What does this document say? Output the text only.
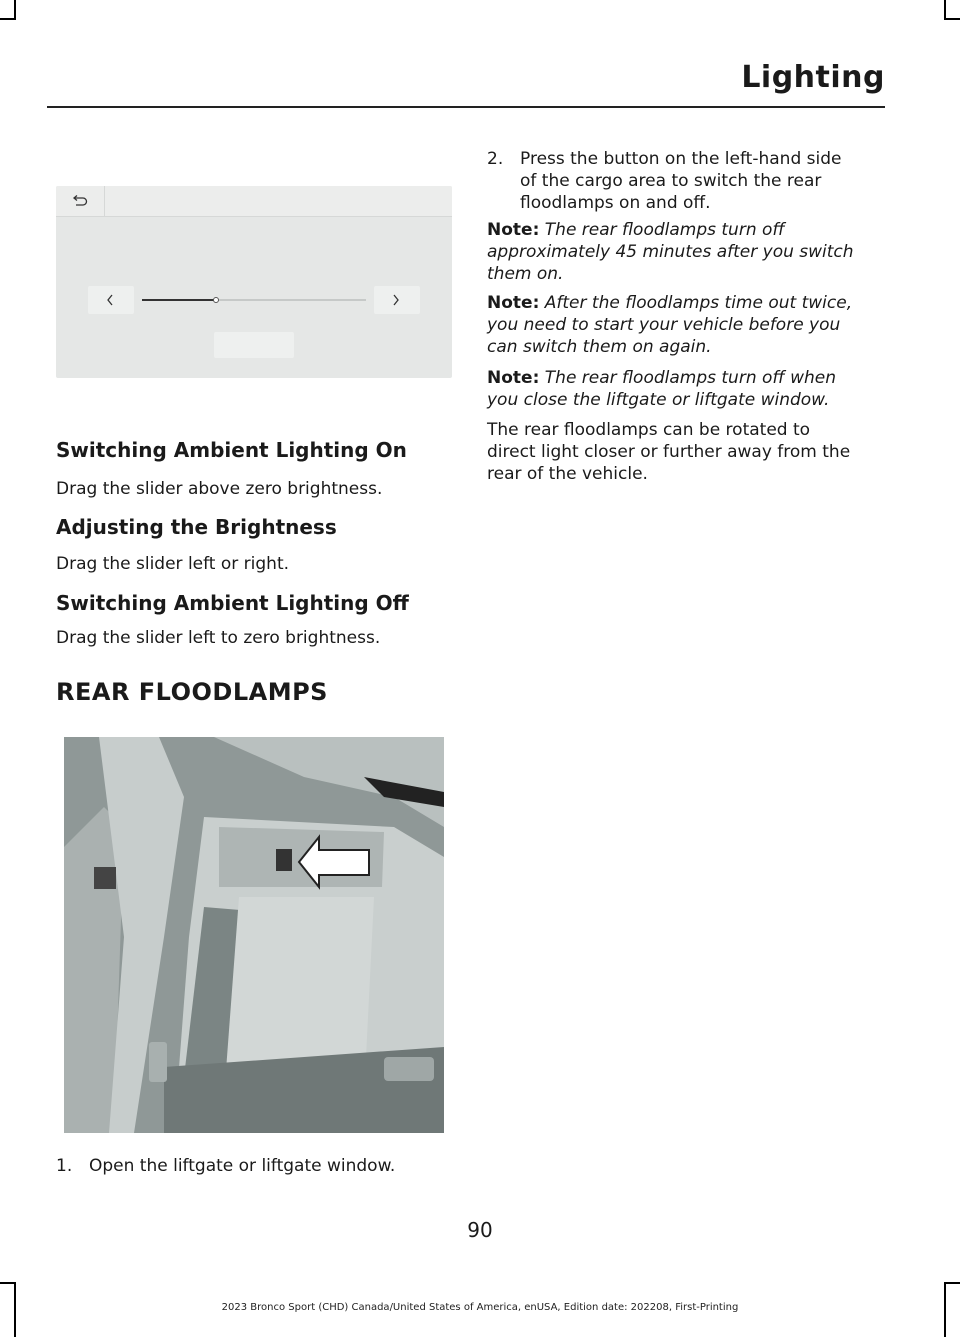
Lighting
Switching Ambient Lighting On
Drag the slider above zero brightness.
Adjusting the Brightness
Drag the slider left or right.
Switching Ambient Lighting Off
Drag the slider left to zero brightness.
REAR FLOODLAMPS
1. Open the liftgate or liftgate window.
2. Press the button on the left-hand side
of the cargo area to switch the rear
floodlamps on and off.
Note: The rear floodlamps turn off
approximately 45 minutes after you switch
them on.
Note: After the floodlamps time out twice,
you need to start your vehicle before you
can switch them on again.
Note: The rear floodlamps turn off when
you close the liftgate or liftgate window.
The rear floodlamps can be rotated to
direct light closer or further away from the
rear of the vehicle.
90
2023 Bronco Sport (CHD) Canada/United States of America, enUSA, Edition date: 202208, First-Printing
